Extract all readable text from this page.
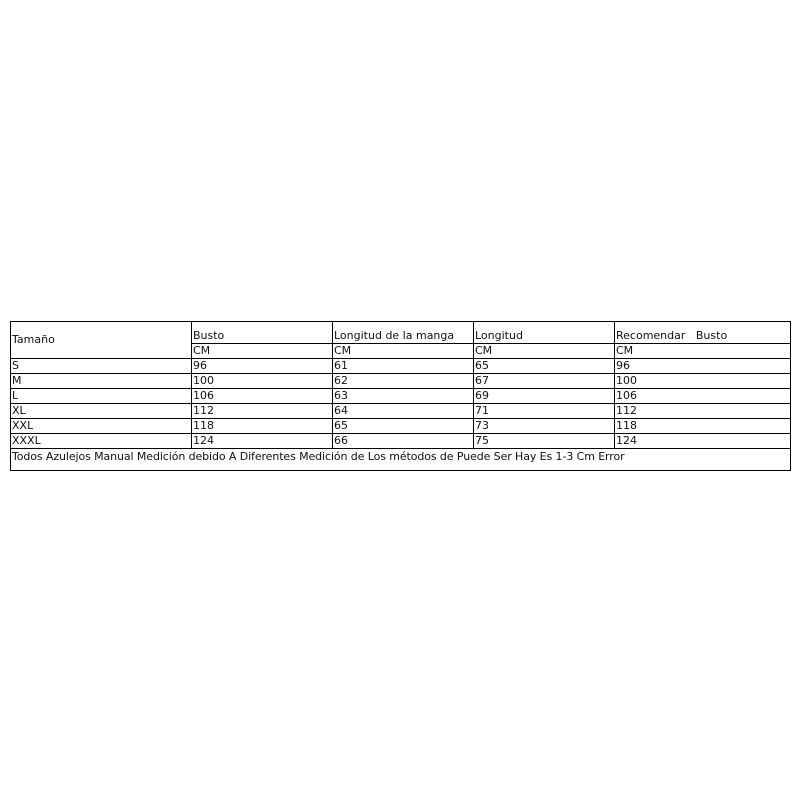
Tamaño	Busto	Longitud de la manga	Longitud	Recomendar   Busto
	CM	CM	CM	CM
S	96	61	65	96
M	100	62	67	100
L	106	63	69	106
XL	112	64	71	112
XXL	118	65	73	118
XXXL	124	66	75	124
Todos Azulejos Manual Medición debido A Diferentes Medición de Los métodos de Puede Ser Hay Es 1-3 Cm Error				
